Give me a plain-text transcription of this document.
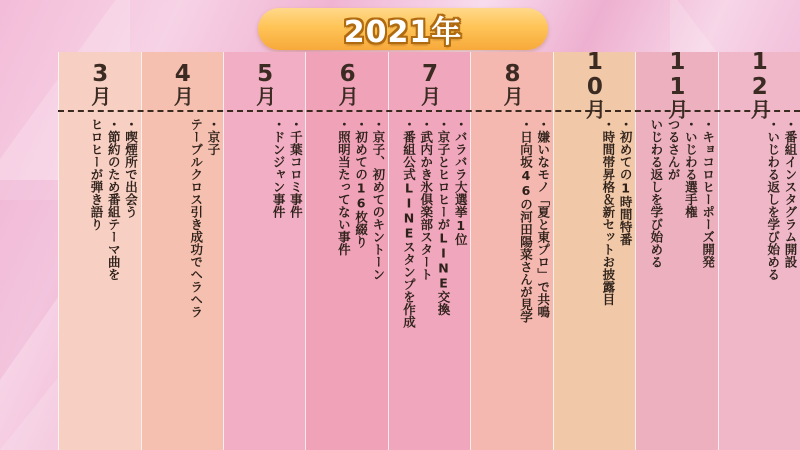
2021年
12
月
・番組インスタグラム開設
・いじわる返しを学び始める
11
月
・キョコロヒーポーズ開発
・いじわる選手権
つるさんが
いじわる返しを学び始める
10
月
・初めての1時間特番
・時間帯昇格＆新セットお披露目
8
月
・嫌いなモノ「夏と東プロ」で共鳴
・日向坂46の河田陽菜さんが見学
7
月
・バラバラ大選挙1位
・京子とヒロヒーがLINE交換
・武内かき氷倶楽部スタート
・番組公式LINEスタンプを作成
6
月
・京子、初めてのキントーン
・初めての16枚綴り
・照明当たってない事件
5
月
・千葉コロミ事件
・ドンジャン事件
4
月
・京子
テーブルクロス引き成功でヘラヘラ
3
月
・喫煙所で出会う
・節約のため番組テーマ曲を
ヒロヒーが弾き語り
